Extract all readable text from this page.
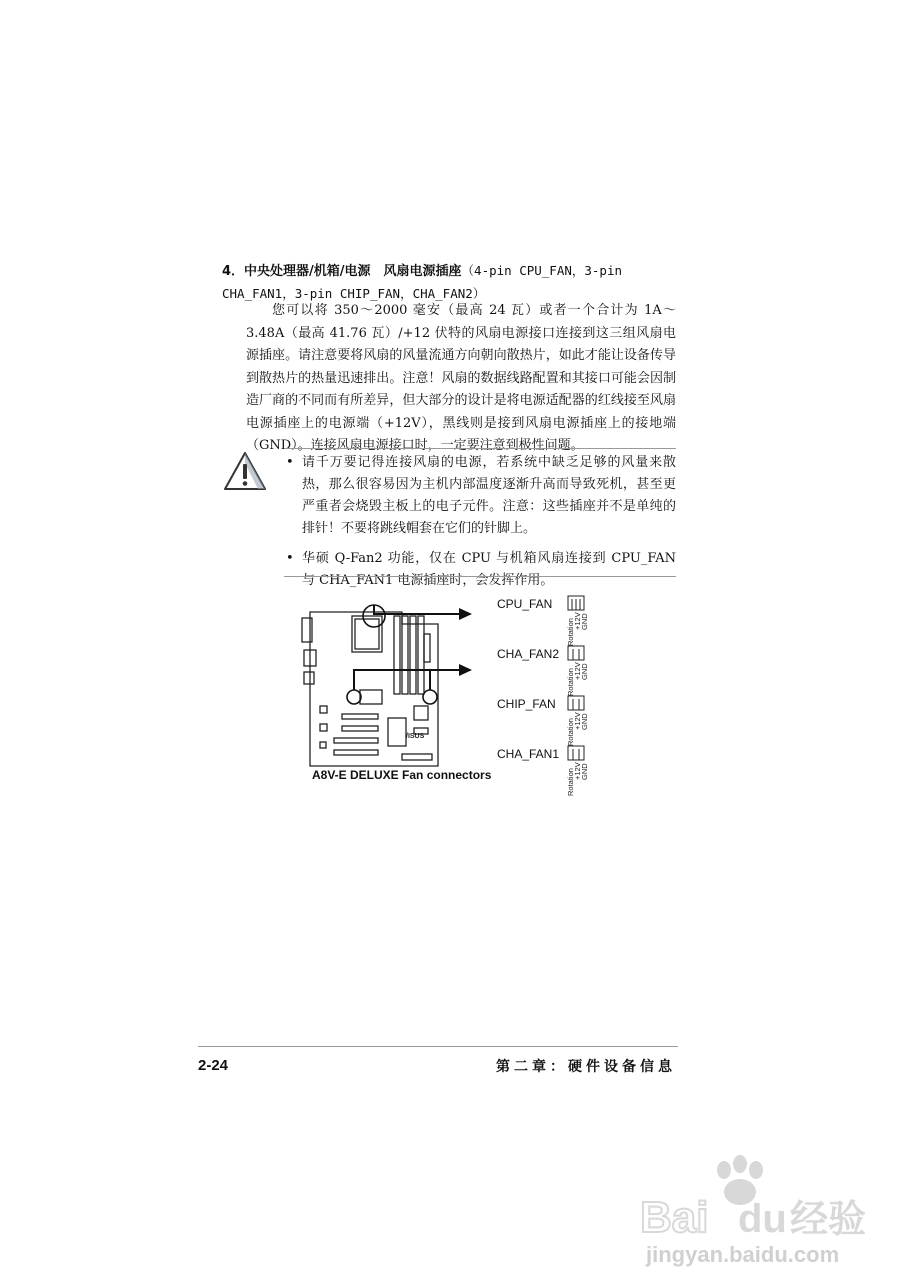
4．中央处理器/机箱/电源　风扇电源插座（4-pin CPU_FAN，3-pin CHA_FAN1，3-pin CHIP_FAN，CHA_FAN2）

您可以将 350～2000 毫安（最高 24 瓦）或者一个合计为 1A～3.48A（最高 41.76 瓦）/+12 伏特的风扇电源接口连接到这三组风扇电源插座。请注意要将风扇的风量流通方向朝向散热片，如此才能让设备传导到散热片的热量迅速排出。注意！风扇的数据线路配置和其接口可能会因制造厂商的不同而有所差异，但大部分的设计是将电源适配器的红线接至风扇电源插座上的电源端（+12V），黑线则是接到风扇电源插座上的接地端（GND）。连接风扇电源接口时，一定要注意到极性问题。

• 请千万要记得连接风扇的电源，若系统中缺乏足够的风量来散热，那么很容易因为主机内部温度逐渐升高而导致死机，甚至更严重者会烧毁主板上的电子元件。注意：这些插座并不是单纯的排针！不要将跳线帽套在它们的针脚上。
• 华硕 Q-Fan2 功能，仅在 CPU 与机箱风扇连接到 CPU_FAN 与 CHA_FAN1 电源插座时，会发挥作用。
/ISUS
Rotation
+12V
GND
Rotation
+12V
GND
Rotation
+12V
GND
Rotation
+12V
GND
CPU_FAN
CHA_FAN2
CHIP_FAN
CHA_FAN1
A8V-E DELUXE Fan connectors
2-24	第二章：硬件设备信息
Bai du 经验
jingyan.baidu.com
